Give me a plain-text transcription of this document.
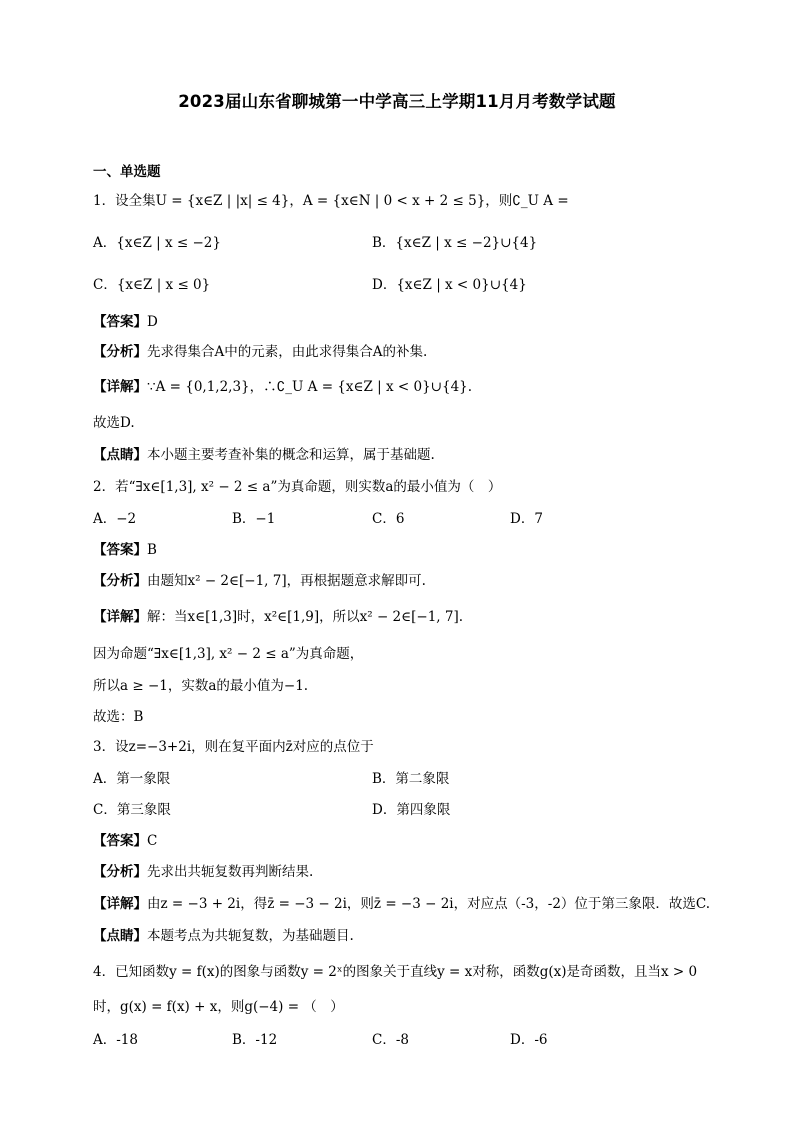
2023届山东省聊城第一中学高三上学期11月月考数学试题
一、单选题
1．设全集U = {x∈Z | |x| ≤ 4}，A = {x∈N | 0 < x + 2 ≤ 5}，则∁_U A =
A．{x∈Z | x ≤ −2}	B．{x∈Z | x ≤ −2}∪{4}
C．{x∈Z | x ≤ 0}	D．{x∈Z | x < 0}∪{4}
【答案】D
【分析】先求得集合A中的元素，由此求得集合A的补集.
【详解】∵A = {0,1,2,3}，∴∁_U A = {x∈Z | x < 0}∪{4}.
故选D.
【点睛】本小题主要考查补集的概念和运算，属于基础题.
2．若“∃x∈[1,3], x² − 2 ≤ a”为真命题，则实数a的最小值为（　）
A．−2	B．−1	C．6	D．7
【答案】B
【分析】由题知x² − 2∈[−1, 7]，再根据题意求解即可.
【详解】解：当x∈[1,3]时，x²∈[1,9]，所以x² − 2∈[−1, 7].
因为命题“∃x∈[1,3], x² − 2 ≤ a”为真命题，
所以a ≥ −1，实数a的最小值为−1.
故选：B
3．设z=−3+2i，则在复平面内z̄对应的点位于
A．第一象限	B．第二象限
C．第三象限	D．第四象限
【答案】C
【分析】先求出共轭复数再判断结果.
【详解】由z = −3 + 2i，得z̄ = −3 − 2i，则z̄ = −3 − 2i，对应点（-3，-2）位于第三象限．故选C.
【点睛】本题考点为共轭复数，为基础题目.
4．已知函数y = f(x)的图象与函数y = 2ˣ的图象关于直线y = x对称，函数g(x)是奇函数，且当x > 0
时，g(x) = f(x) + x，则g(−4) = （　）
A．-18	B．-12	C．-8	D．-6
